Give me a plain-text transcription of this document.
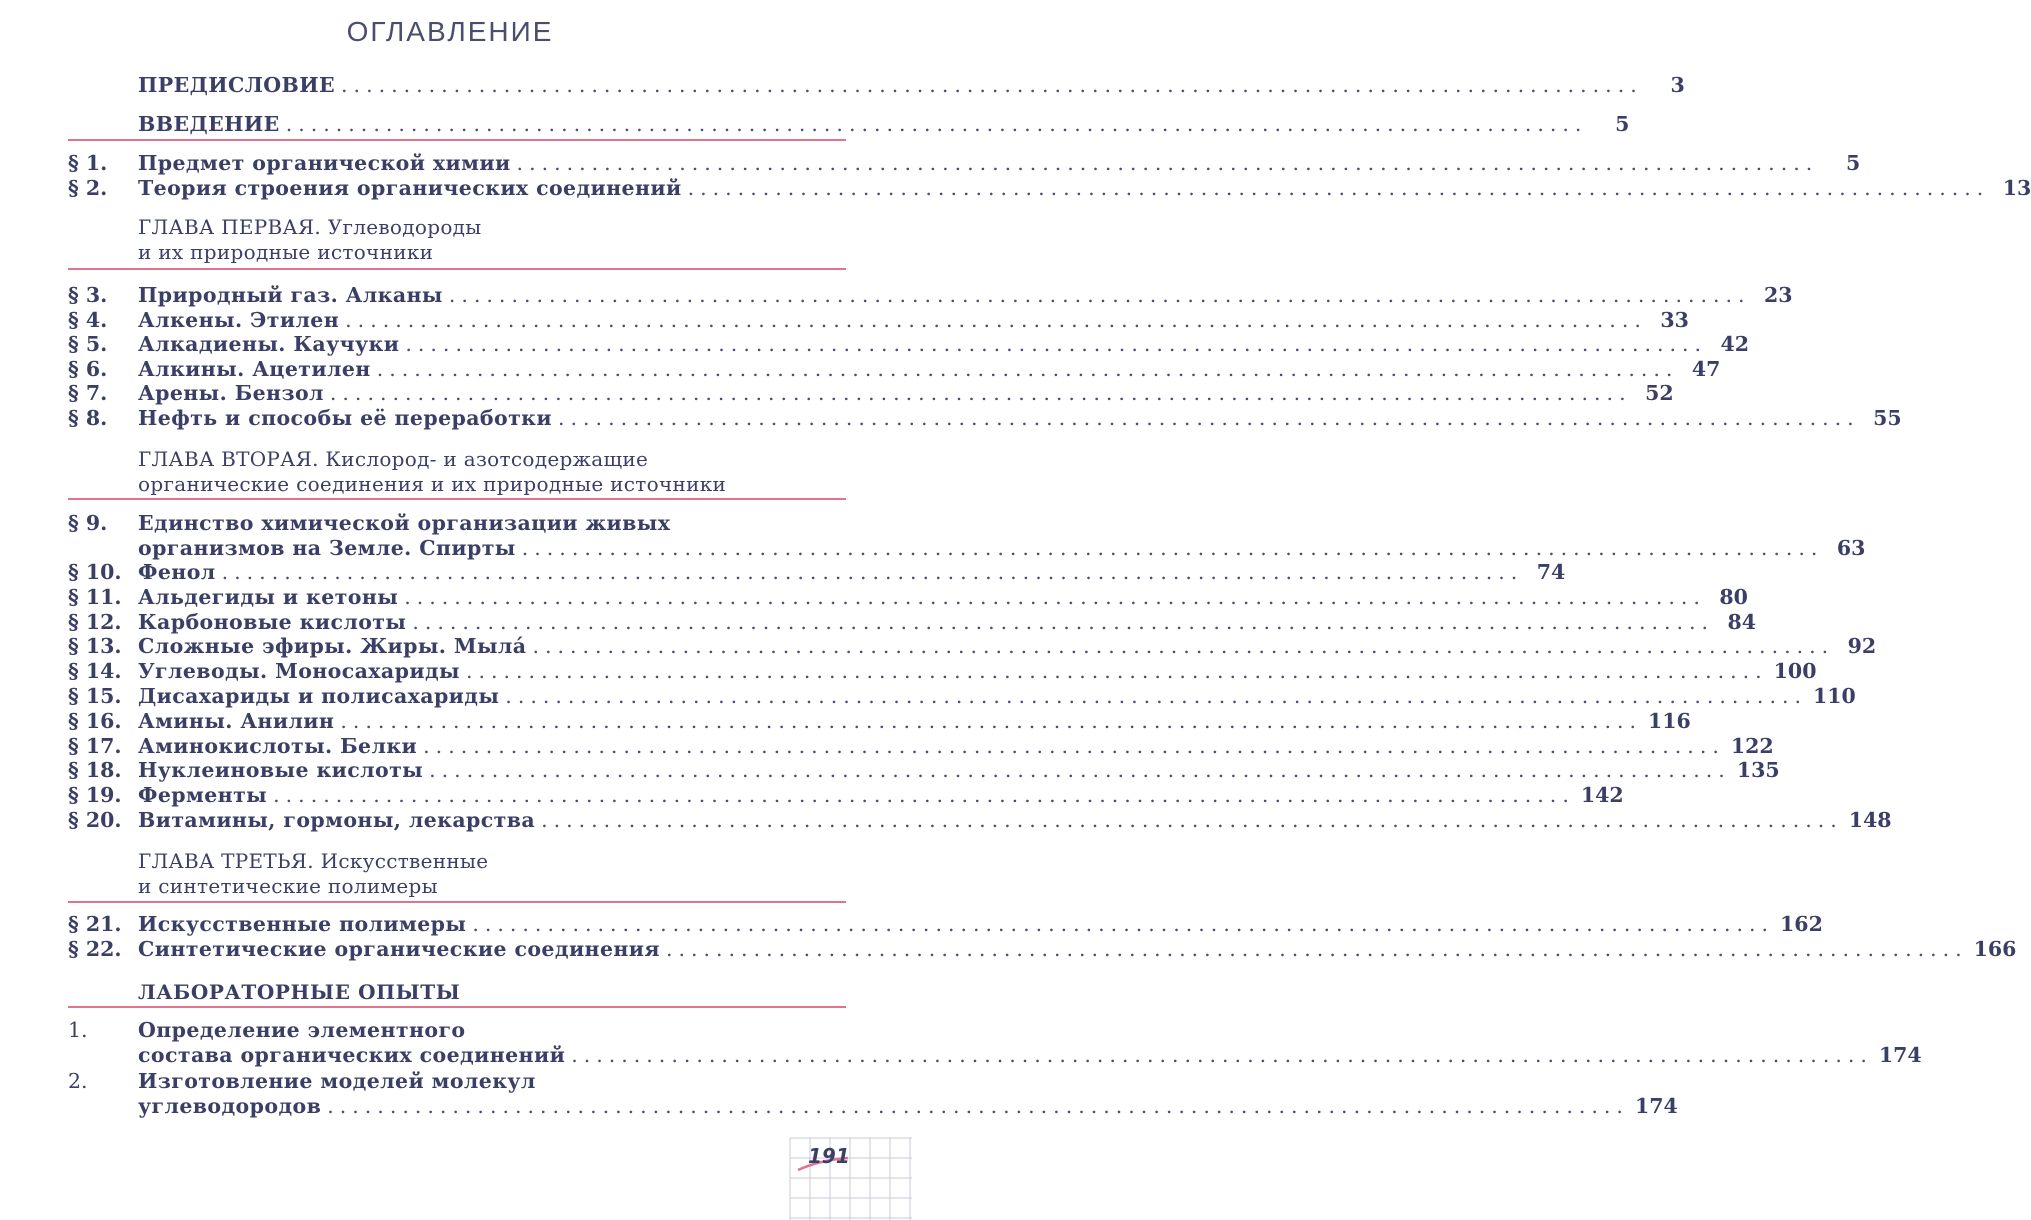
ОГЛАВЛЕНИЕ
ПРЕДИСЛОВИЕ ........................................................................................................	3
ВВЕДЕНИЕ ........................................................................................................	5
§ 1. Предмет органической химии ........................................................................................................	5
§ 2. Теория строения органических соединений ........................................................................................................ 13
ГЛАВА ПЕРВАЯ. Углеводороды
и их природные источники
§ 3. Природный газ. Алканы ........................................................................................................ 23
§ 4. Алкены. Этилен ........................................................................................................ 33
§ 5. Алкадиены. Каучуки ........................................................................................................ 42
§ 6. Алкины. Ацетилен ........................................................................................................ 47
§ 7. Арены. Бензол ........................................................................................................ 52
§ 8. Нефть и способы её переработки ........................................................................................................ 55
ГЛАВА ВТОРАЯ. Кислород- и азотсодержащие
органические соединения и их природные источники
§ 9. Единство химической организации живых
организмов на Земле. Спирты ........................................................................................................ 63
§ 10. Фенол ........................................................................................................ 74
§ 11. Альдегиды и кетоны ........................................................................................................ 80
§ 12. Карбоновые кислоты ........................................................................................................ 84
§ 13. Сложные эфиры. Жиры. Мылá ........................................................................................................ 92
§ 14. Углеводы. Моносахариды ........................................................................................................ 100
§ 15. Дисахариды и полисахариды ........................................................................................................ 110
§ 16. Амины. Анилин ........................................................................................................ 116
§ 17. Аминокислоты. Белки ........................................................................................................ 122
§ 18. Нуклеиновые кислоты ........................................................................................................ 135
§ 19. Ферменты ........................................................................................................ 142
§ 20. Витамины, гормоны, лекарства ........................................................................................................ 148
ГЛАВА ТРЕТЬЯ. Искусственные
и синтетические полимеры
§ 21. Искусственные полимеры ........................................................................................................ 162
§ 22. Синтетические органические соединения ........................................................................................................ 166
ЛАБОРАТОРНЫЕ ОПЫТЫ
1. Определение элементного
состава органических соединений ........................................................................................................ 174
2. Изготовление моделей молекул
углеводородов ........................................................................................................ 174
191
